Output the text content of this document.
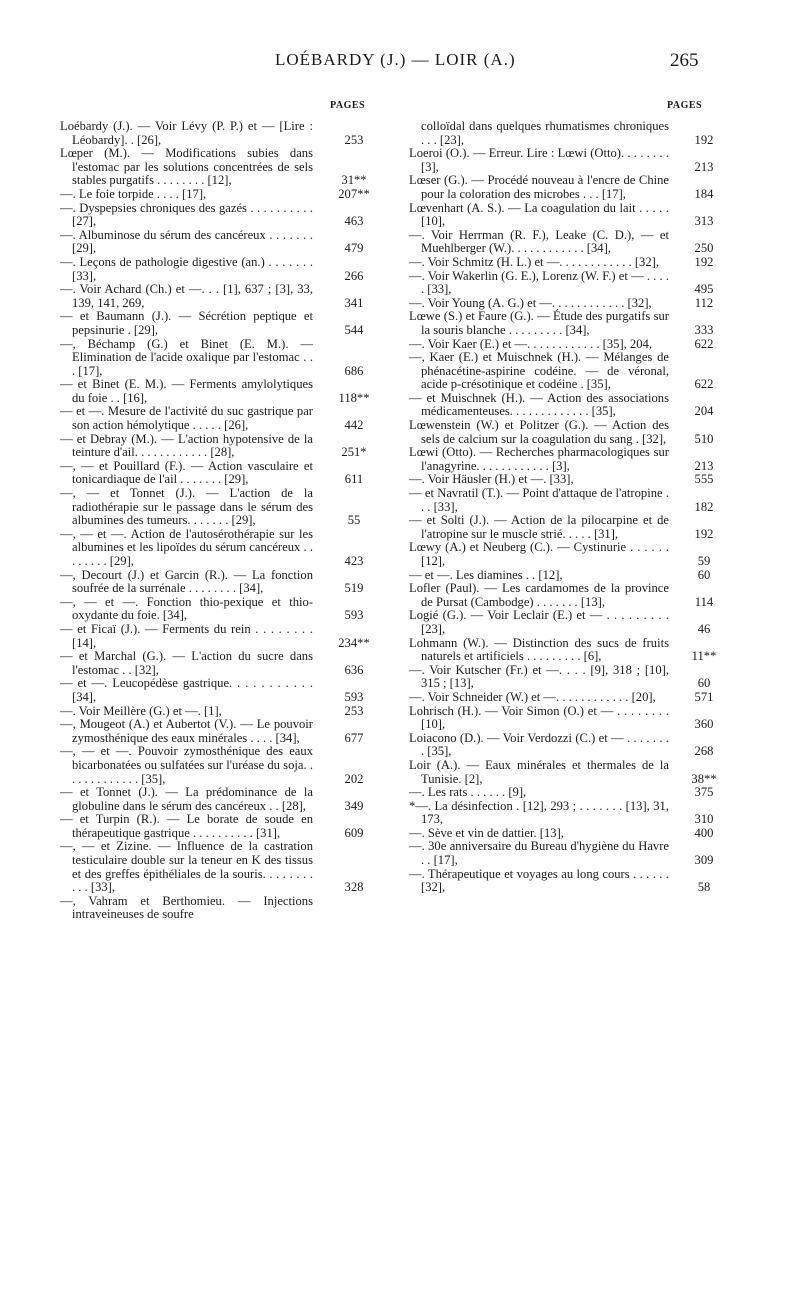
LOÉBARDY (J.) — LOIR (A.)	265
PAGES
Loébardy (J.). — Voir Lévy (P. P.) et — [Lire : Léobardy]. . [26],	253
Lœper (M.). — Modifications subies dans l'estomac par les solutions concentrées de sels stables purgatifs . . . . . . . . [12],	31**
—. Le foie torpide . . . . [17],	207**
—. Dyspepsies chroniques des gazés . . . . . . . . . . [27],	463
—. Albuminose du sérum des cancéreux . . . . . . . [29],	479
—. Leçons de pathologie digestive (an.) . . . . . . . [33],	266
—. Voir Achard (Ch.) et —. . . [1], 637 ; [3], 33, 139, 141, 269,	341
— et Baumann (J.). — Sécrétion peptique et pepsinurie . [29],	544
—, Béchamp (G.) et Binet (E. M.). — Elimination de l'acide oxalique par l'estomac . . . [17],	686
— et Binet (E. M.). — Ferments amylolytiques du foie . . [16],	118**
— et —. Mesure de l'activité du suc gastrique par son action hémolytique . . . . . [26],	442
— et Debray (M.). — L'action hypotensive de la teinture d'ail. . . . . . . . . . . . [28],	251*
—, — et Pouillard (F.). — Action vasculaire et tonicardiaque de l'ail . . . . . . . [29],	611
—, — et Tonnet (J.). — L'action de la radiothérapie sur le passage dans le sérum des albumines des tumeurs. . . . . . . [29],	55
—, — et —. Action de l'autosérothérapie sur les albumines et les lipoïdes du sérum cancéreux . . . . . . . . [29],	423
—, Decourt (J.) et Garcin (R.). — La fonction soufrée de la surrénale . . . . . . . . [34],	519
—, — et —. Fonction thio-pexique et thio-oxydante du foie. [34],	593
— et Ficaï (J.). — Ferments du rein . . . . . . . . [14],	234**
— et Marchal (G.). — L'action du sucre dans l'estomac . . [32],	636
— et —. Leucopédèse gastrique. . . . . . . . . . . [34],	593
—. Voir Meillère (G.) et —. [1],	253
—, Mougeot (A.) et Aubertot (V.). — Le pouvoir zymosthénique des eaux minérales . . . . [34],	677
—, — et —. Pouvoir zymosthénique des eaux bicarbonatées ou sulfatées sur l'uréase du soja. . . . . . . . . . . . . [35],	202
— et Tonnet (J.). — La prédominance de la globuline dans le sérum des cancéreux . . [28],	349
— et Turpin (R.). — Le borate de soude en thérapeutique gastrique . . . . . . . . . . [31],	609
—, — et Zizine. — Influence de la castration testiculaire double sur la teneur en K des tissus et des greffes épithéliales de la souris. . . . . . . . . . . [33],	328
—, Vahram et Berthomieu. — Injections intraveineuses de soufre
PAGES
colloïdal dans quelques rhumatismes chroniques . . . [23],	192
Loeroi (O.). — Erreur. Lire : Lœwi (Otto). . . . . . . . [3],	213
Lœser (G.). — Procédé nouveau à l'encre de Chine pour la coloration des microbes . . . [17],	184
Lœvenhart (A. S.). — La coagulation du lait . . . . . [10],	313
—. Voir Herrman (R. F.), Leake (C. D.), — et Muehlberger (W.). . . . . . . . . . . . [34],	250
—. Voir Schmitz (H. L.) et —. . . . . . . . . . . . [32],	192
—. Voir Wakerlin (G. E.), Lorenz (W. F.) et — . . . . . [33],	495
—. Voir Young (A. G.) et —. . . . . . . . . . . . [32],	112
Lœwe (S.) et Faure (G.). — Étude des purgatifs sur la souris blanche . . . . . . . . . [34],	333
—. Voir Kaer (E.) et —. . . . . . . . . . . . [35], 204,	622
—, Kaer (E.) et Muischnek (H.). — Mélanges de phénacétine-aspirine codéine. — de véronal, acide p-crésotinique et codéine . [35],	622
— et Muischnek (H.). — Action des associations médicamenteuses. . . . . . . . . . . . . [35],	204
Lœwenstein (W.) et Politzer (G.). — Action des sels de calcium sur la coagulation du sang . [32],	510
Lœwi (Otto). — Recherches pharmacologiques sur l'anagyrine. . . . . . . . . . . . [3],	213
—. Voir Häusler (H.) et —. [33],	555
— et Navratil (T.). — Point d'attaque de l'atropine . . . [33],	182
— et Solti (J.). — Action de la pilocarpine et de l'atropine sur le muscle strié. . . . . [31],	192
Lœwy (A.) et Neuberg (C.). — Cystinurie . . . . . . [12],	59
— et —. Les diamines . . [12],	60
Lofler (Paul). — Les cardamomes de la province de Pursat (Cambodge) . . . . . . . [13],	114
Logié (G.). — Voir Leclair (E.) et — . . . . . . . . . [23],	46
Lohmann (W.). — Distinction des sucs de fruits naturels et artificiels . . . . . . . . . [6],	11**
—. Voir Kutscher (Fr.) et —. . . . [9], 318 ; [10], 315 ; [13],	60
—. Voir Schneider (W.) et —. . . . . . . . . . . . [20],	571
Lohrisch (H.). — Voir Simon (O.) et — . . . . . . . . [10],	360
Loiacono (D.). — Voir Verdozzi (C.) et — . . . . . . . . [35],	268
Loir (A.). — Eaux minérales et thermales de la Tunisie. [2],	38**
—. Les rats . . . . . . [9],	375
*—. La désinfection . [12], 293 ; . . . . . . . [13], 31, 173,	310
—. Sève et vin de dattier. [13],	400
—. 30e anniversaire du Bureau d'hygiène du Havre . . [17],	309
—. Thérapeutique et voyages au long cours . . . . . . [32],	58
